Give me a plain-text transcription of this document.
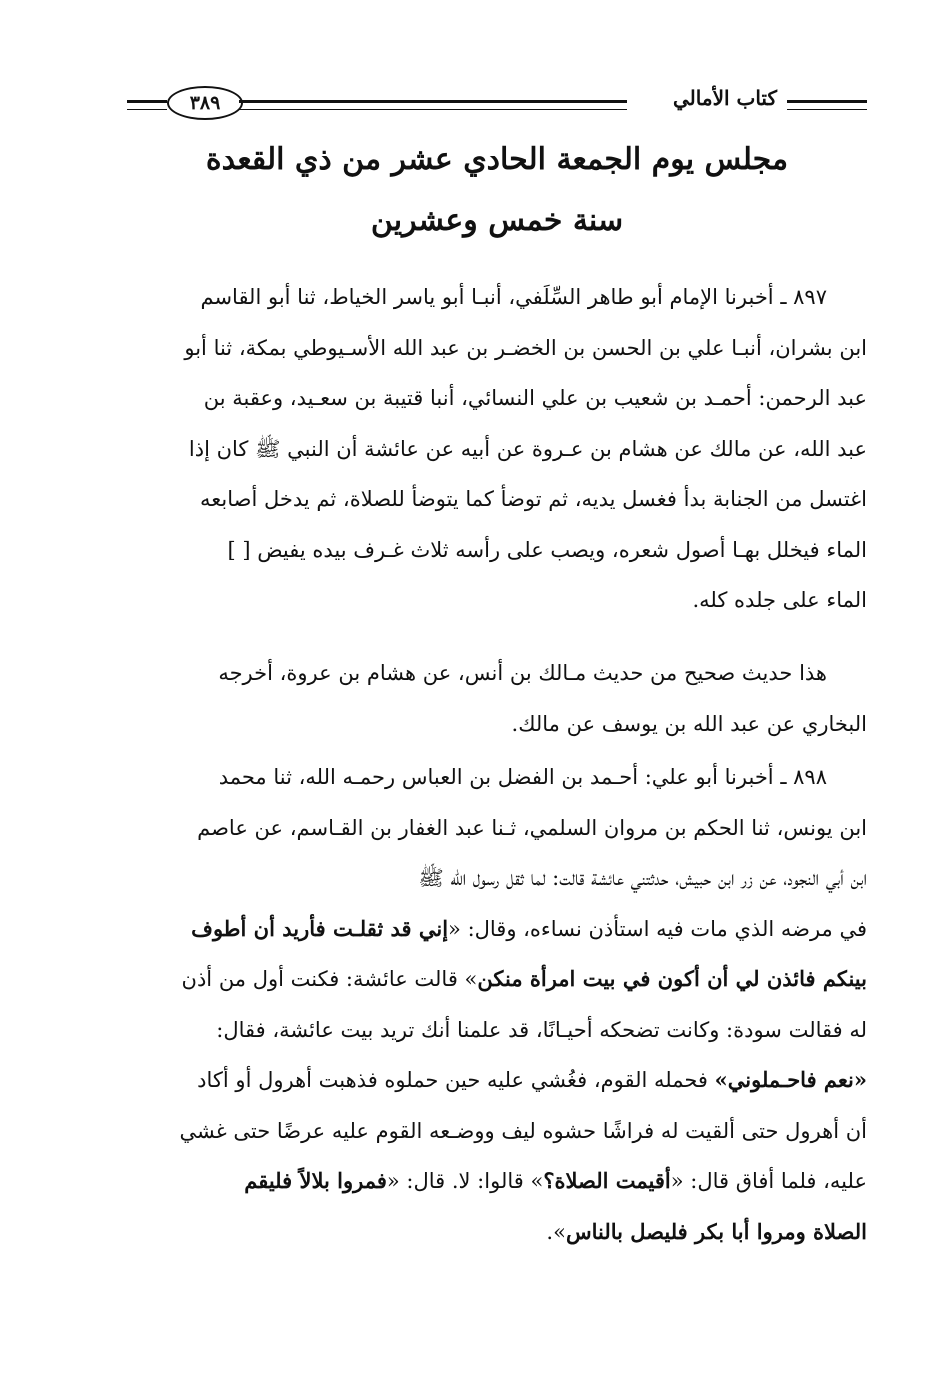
كتاب الأمالي
٣٨٩
مجلس يوم الجمعة الحادي عشر من ذي القعدة
سنة خمس وعشرين
٨٩٧ ـ أخبرنا الإمام أبو طاهر السِّلَفي، أنبـا أبو ياسر الخياط، ثنا أبو القاسم
ابن بشران، أنبـا علي بن الحسن بن الخضـر بن عبد الله الأسـيوطي بمكة، ثنا أبو
عبد الرحمن: أحمـد بن شعيب بن علي النسائي، أنبا قتيبة بن سعـيد، وعقبة بن
عبد الله، عن مالك عن هشام بن عـروة عن أبيه عن عائشة أن النبي ﷺ كان إذا
اغتسل من الجنابة بدأ فغسل يديه، ثم توضأ كما يتوضأ للصلاة، ثم يدخل أصابعه
الماء فيخلل بهـا أصول شعره، ويصب على رأسه ثلاث غـرف بيده يفيض [ ]
الماء على جلده كله.
هذا حديث صحيح من حديث مـالك بن أنس، عن هشام بن عروة، أخرجه
البخاري عن عبد الله بن يوسف عن مالك.
٨٩٨ ـ أخبرنا أبو علي: أحـمد بن الفضل بن العباس رحمـه الله، ثنا محمد
ابن يونس، ثنا الحكم بن مروان السلمي، ثـنا عبد الغفار بن القـاسم، عن عاصم
ابن أبي النجود، عن زر ابن حبيش، حدثتني عائشة قالت: لما ثقل رسول الله ﷺ
في مرضه الذي مات فيه استأذن نساءه، وقال: «إني قد ثقلـت فأريد أن أطوف
بينكم فائذن لي أن أكون في بيت امرأة منكن» قالت عائشة: فكنت أول من أذن
له فقالت سودة: وكانت تضحكه أحيـانًا، قد علمنا أنك تريد بيت عائشة، فقال:
«نعم فاحـملوني» فحمله القوم، فغُشي عليه حين حملوه فذهبت أهرول أو أكاد
أن أهرول حتى ألقيت له فراشًا حشوه ليف ووضـعه القوم عليه عرضًا حتى غشي
عليه، فلما أفاق قال: «أقيمت الصلاة؟» قالوا: لا. قال: «فمروا بلالاً فليقم
الصلاة ومروا أبا بكر فليصل بالناس».
